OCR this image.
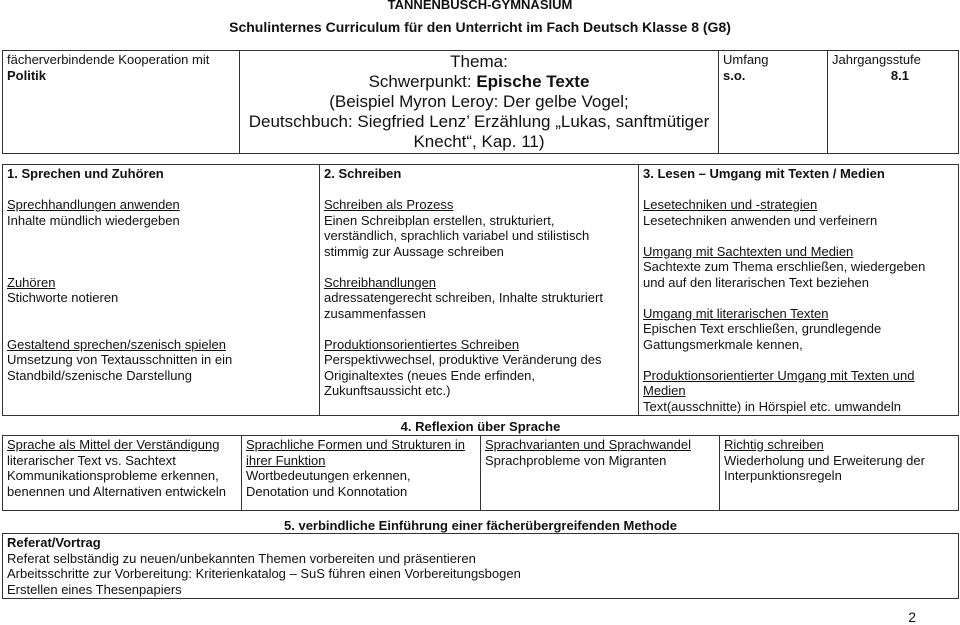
TANNENBUSCH-GYMNASIUM
Schulinternes Curriculum für den Unterricht im Fach Deutsch Klasse 8 (G8)
fächerverbindende Kooperation mit
Politik

Thema:
Schwerpunkt: Epische Texte
(Beispiel Myron Leroy: Der gelbe Vogel;
Deutschbuch: Siegfried Lenz’ Erzählung „Lukas, sanftmütiger
Knecht“, Kap. 11)

Umfang
s.o.

Jahrgangsstufe
8.1
1. Sprechen und Zuhören
Sprechhandlungen anwenden
Inhalte mündlich wiedergeben
Zuhören
Stichworte notieren
Gestaltend sprechen/szenisch spielen
Umsetzung von Textausschnitten in ein
Standbild/szenische Darstellung

2. Schreiben
Schreiben als Prozess
Einen Schreibplan erstellen, strukturiert,
verständlich, sprachlich variabel und stilistisch
stimmig zur Aussage schreiben
Schreibhandlungen
adressatengerecht schreiben, Inhalte strukturiert
zusammenfassen
Produktionsorientiertes Schreiben
Perspektivwechsel, produktive Veränderung des
Originaltextes (neues Ende erfinden,
Zukunftsaussicht etc.)

3. Lesen – Umgang mit Texten / Medien
Lesetechniken und -strategien
Lesetechniken anwenden und verfeinern
Umgang mit Sachtexten und Medien
Sachtexte zum Thema erschließen, wiedergeben
und auf den literarischen Text beziehen
Umgang mit literarischen Texten
Epischen Text erschließen, grundlegende
Gattungsmerkmale kennen,
Produktionsorientierter Umgang mit Texten und
Medien
Text(ausschnitte) in Hörspiel etc. umwandeln
4. Reflexion über Sprache
Sprache als Mittel der Verständigung
literarischer Text vs. Sachtext
Kommunikationsprobleme erkennen,
benennen und Alternativen entwickeln

Sprachliche Formen und Strukturen in
ihrer Funktion
Wortbedeutungen erkennen,
Denotation und Konnotation

Sprachvarianten und Sprachwandel
Sprachprobleme von Migranten

Richtig schreiben
Wiederholung und Erweiterung der
Interpunktionsregeln
5. verbindliche Einführung einer fächerübergreifenden Methode
Referat/Vortrag
Referat selbständig zu neuen/unbekannten Themen vorbereiten und präsentieren
Arbeitsschritte zur Vorbereitung: Kriterienkatalog – SuS führen einen Vorbereitungsbogen
Erstellen eines Thesenpapiers
2
